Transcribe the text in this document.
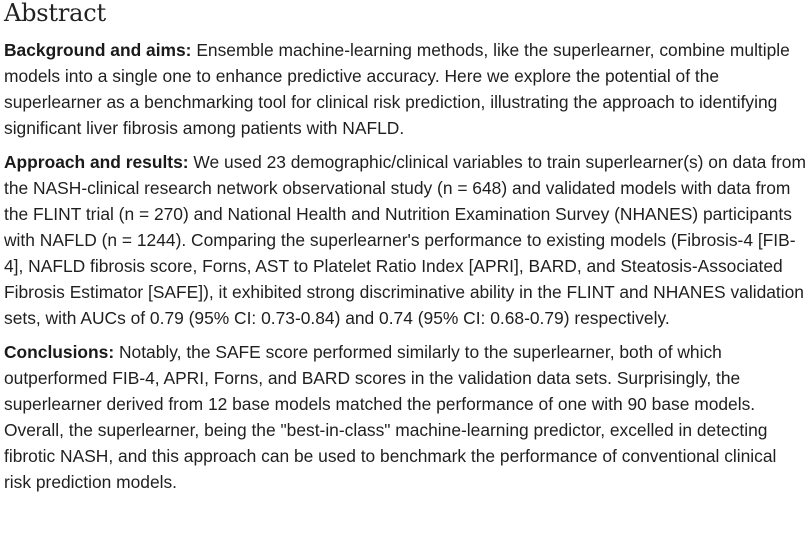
Abstract

Background and aims: Ensemble machine-learning methods, like the superlearner, combine multiple models into a single one to enhance predictive accuracy. Here we explore the potential of the superlearner as a benchmarking tool for clinical risk prediction, illustrating the approach to identifying significant liver fibrosis among patients with NAFLD.

Approach and results: We used 23 demographic/clinical variables to train superlearner(s) on data from the NASH-clinical research network observational study (n = 648) and validated models with data from the FLINT trial (n = 270) and National Health and Nutrition Examination Survey (NHANES) participants with NAFLD (n = 1244). Comparing the superlearner's performance to existing models (Fibrosis-4 [FIB-4], NAFLD fibrosis score, Forns, AST to Platelet Ratio Index [APRI], BARD, and Steatosis-Associated Fibrosis Estimator [SAFE]), it exhibited strong discriminative ability in the FLINT and NHANES validation sets, with AUCs of 0.79 (95% CI: 0.73-0.84) and 0.74 (95% CI: 0.68-0.79) respectively.

Conclusions: Notably, the SAFE score performed similarly to the superlearner, both of which outperformed FIB-4, APRI, Forns, and BARD scores in the validation data sets. Surprisingly, the superlearner derived from 12 base models matched the performance of one with 90 base models. Overall, the superlearner, being the "best-in-class" machine-learning predictor, excelled in detecting fibrotic NASH, and this approach can be used to benchmark the performance of conventional clinical risk prediction models.
